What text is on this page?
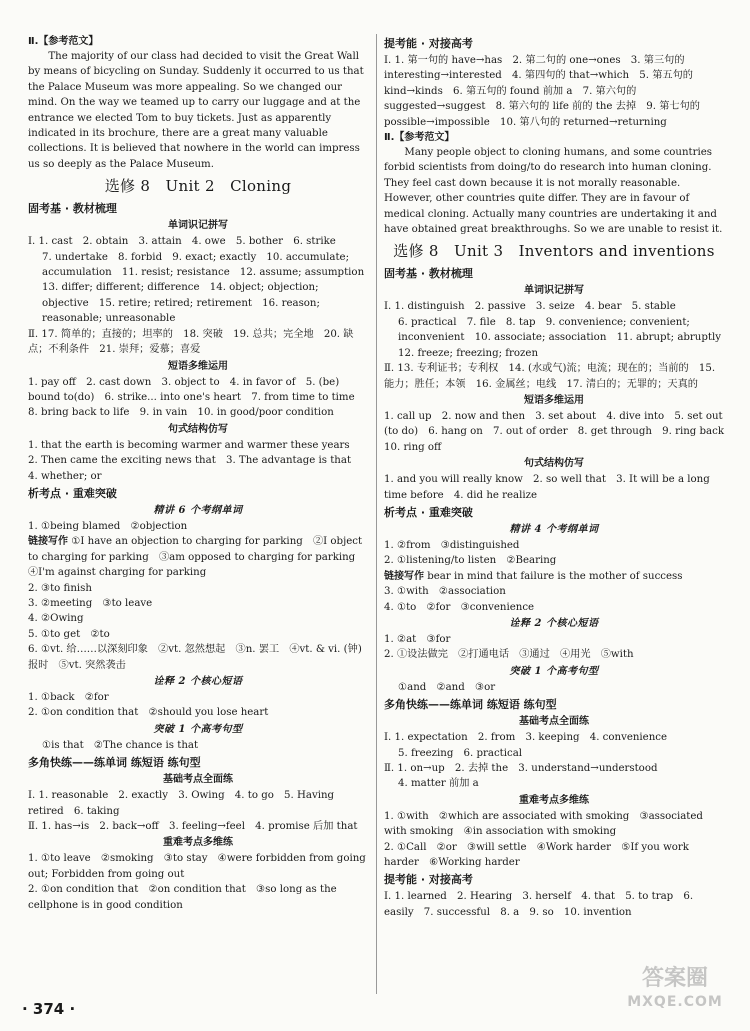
Ⅱ.【参考范文】

The majority of our class had decided to visit the Great Wall by means of bicycling on Sunday. Suddenly it occurred to us that the Palace Museum was more appealing. So we changed our mind. On the way we teamed up to carry our luggage and at the entrance we elected Tom to buy tickets. Just as apparently indicated in its brochure, there are a great many valuable collections. It is believed that nowhere in the world can impress us so deeply as the Palace Museum.

选修 8　Unit 2　Cloning
固考基 · 教材梳理
单词识记拼写

Ⅰ. 1. cast　2. obtain　3. attain　4. owe　5. bother　6. strike

7. undertake　8. forbid　9. exact; exactly　10. accumulate; accumulation　11. resist; resistance　12. assume; assumption

13. differ; different; difference　14. object; objection; objective　15. retire; retired; retirement　16. reason; reasonable; unreasonable

Ⅱ. 17. 简单的；直接的；坦率的　18. 突破　19. 总共；完全地　20. 缺点；不利条件　21. 崇拜；爱慕；喜爱

短语多维运用

1. pay off　2. cast down　3. object to　4. in favor of　5. (be) bound to(do)　6. strike... into one's heart　7. from time to time　8. bring back to life　9. in vain　10. in good/poor condition

句式结构仿写

1. that the earth is becoming warmer and warmer these years

2. Then came the exciting news that　3. The advantage is that

4. whether; or

析考点 · 重难突破
精讲 6 个考纲单词

1. ①being blamed　②objection

链接写作 ①I have an objection to charging for parking　②I object to charging for parking　③am opposed to charging for parking　④I'm against charging for parking

2. ③to finish

3. ②meeting　③to leave

4. ②Owing

5. ①to get　②to

6. ①vt. 给……以深刻印象　②vt. 忽然想起　③n. 罢工　④vt. & vi. (钟)报时　⑤vt. 突然袭击

诠释 2 个核心短语

1. ①back　②for

2. ①on condition that　②should you lose heart

突破 1 个高考句型

①is that　②The chance is that

多角快练——练单词 练短语 练句型
基础考点全面练

Ⅰ. 1. reasonable　2. exactly　3. Owing　4. to go　5. Having retired　6. taking

Ⅱ. 1. has→is　2. back→off　3. feeling→feel　4. promise 后加 that

重难考点多维练

1. ①to leave　②smoking　③to stay　④were forbidden from going out; Forbidden from going out

2. ①on condition that　②on condition that　③so long as the cellphone is in good condition

提考能 · 对接高考

Ⅰ. 1. 第一句的 have→has　2. 第二句的 one→ones　3. 第三句的 interesting→interested　4. 第四句的 that→which　5. 第五句的 kind→kinds　6. 第五句的 found 前加 a　7. 第六句的 suggested→suggest　8. 第六句的 life 前的 the 去掉　9. 第七句的 possible→impossible　10. 第八句的 returned→returning

Ⅱ.【参考范文】

Many people object to cloning humans, and some countries forbid scientists from doing/to do research into human cloning. They feel cast down because it is not morally reasonable. However, other countries quite differ. They are in favour of medical cloning. Actually many countries are undertaking it and have obtained great breakthroughs. So we are unable to resist it.

选修 8　Unit 3　Inventors and inventions
固考基 · 教材梳理
单词识记拼写

Ⅰ. 1. distinguish　2. passive　3. seize　4. bear　5. stable

6. practical　7. file　8. tap　9. convenience; convenient; inconvenient　10. associate; association　11. abrupt; abruptly

12. freeze; freezing; frozen

Ⅱ. 13. 专利证书；专利权　14. (水或气)流；电流；现在的；当前的　15. 能力；胜任；本领　16. 金属丝；电线　17. 清白的；无罪的；天真的

短语多维运用

1. call up　2. now and then　3. set about　4. dive into　5. set out (to do)　6. hang on　7. out of order　8. get through　9. ring back　10. ring off

句式结构仿写

1. and you will really know　2. so well that　3. It will be a long time before　4. did he realize

析考点 · 重难突破
精讲 4 个考纲单词

1. ②from　③distinguished

2. ①listening/to listen　②Bearing

链接写作 bear in mind that failure is the mother of success

3. ①with　②association

4. ①to　②for　③convenience

诠释 2 个核心短语

1. ②at　③for

2. ①设法做完　②打通电话　③通过　④用光　⑤with

突破 1 个高考句型

①and　②and　③or

多角快练——练单词 练短语 练句型
基础考点全面练

Ⅰ. 1. expectation　2. from　3. keeping　4. convenience

5. freezing　6. practical

Ⅱ. 1. on→up　2. 去掉 the　3. understand→understood

4. matter 前加 a

重难考点多维练

1. ①with　②which are associated with smoking　③associated with smoking　④in association with smoking

2. ①Call　②or　③will settle　④Work harder　⑤If you work harder　⑥Working harder

提考能 · 对接高考

Ⅰ. 1. learned　2. Hearing　3. herself　4. that　5. to trap　6. easily　7. successful　8. a　9. so　10. invention

· 374 ·
答案圈
MXQE.COM
